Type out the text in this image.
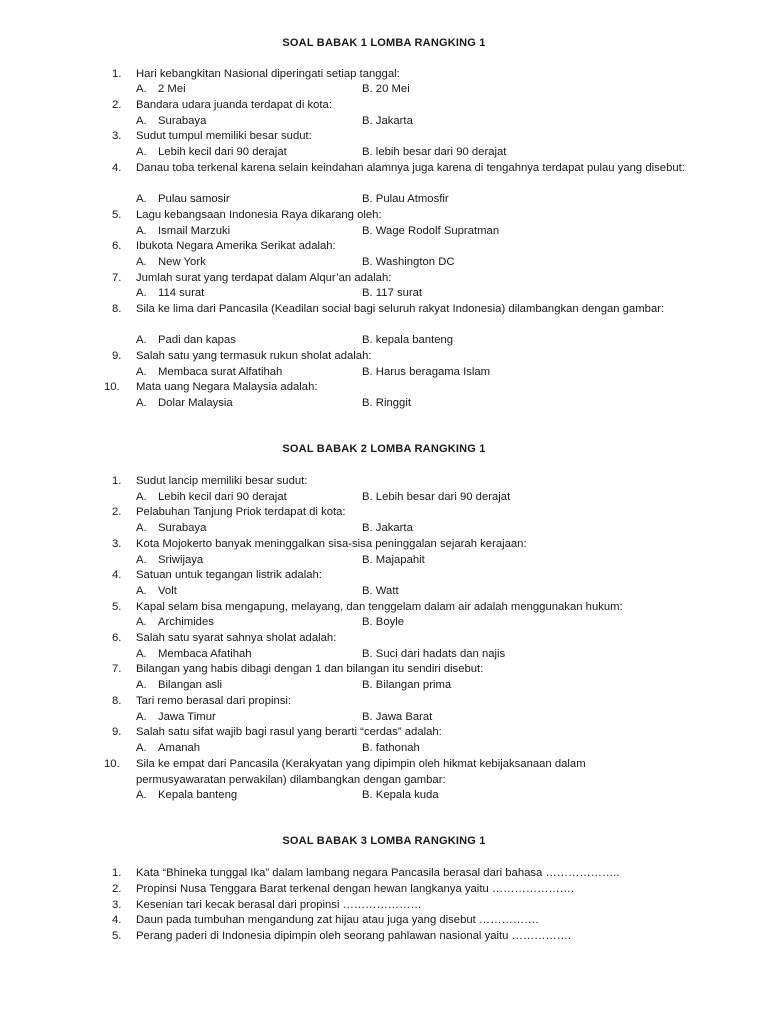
SOAL BABAK 1 LOMBA RANGKING 1
1.	Hari kebangkitan Nasional diperingati setiap tanggal:
A. 2 Mei	B. 20 Mei
2.	Bandara udara juanda terdapat di kota:
A. Surabaya	B. Jakarta
3.	Sudut tumpul memiliki besar sudut:
A. Lebih kecil dari 90 derajat	B. lebih besar dari 90 derajat
4.	Danau toba terkenal karena selain keindahan alamnya juga karena di tengahnya terdapat pulau yang disebut:
A. Pulau samosir	B. Pulau Atmosfir
5.	Lagu kebangsaan Indonesia Raya dikarang oleh:
A. Ismail Marzuki	B. Wage Rodolf Supratman
6.	Ibukota Negara Amerika Serikat adalah:
A. New York	B. Washington DC
7.	Jumlah surat yang terdapat dalam Alqur’an adalah:
A. 114 surat	B. 117 surat
8.	Sila ke lima dari Pancasila (Keadilan social bagi seluruh rakyat Indonesia) dilambangkan dengan gambar:
A. Padi dan kapas	B. kepala banteng
9.	Salah satu yang termasuk rukun sholat adalah:
A. Membaca surat Alfatihah	B. Harus beragama Islam
10.	Mata uang Negara Malaysia adalah:
A. Dolar Malaysia	B. Ringgit
SOAL BABAK 2 LOMBA RANGKING 1
1.	Sudut lancip memiliki besar sudut:
A. Lebih kecil dari 90 derajat	B. Lebih besar dari 90 derajat
2.	Pelabuhan Tanjung Priok terdapat di kota:
A. Surabaya	B. Jakarta
3.	Kota Mojokerto banyak meninggalkan sisa-sisa peninggalan sejarah kerajaan:
A. Sriwijaya	B. Majapahit
4.	Satuan untuk tegangan listrik adalah:
A. Volt	B. Watt
5.	Kapal selam bisa mengapung, melayang, dan tenggelam dalam air adalah menggunakan hukum:
A. Archimides	B. Boyle
6.	Salah satu syarat sahnya sholat adalah:
A. Membaca Afatihah	B. Suci dari hadats dan najis
7.	Bilangan yang habis dibagi dengan 1 dan bilangan itu sendiri disebut:
A. Bilangan asli	B. Bilangan prima
8.	Tari remo berasal dari propinsi:
A. Jawa Timur	B. Jawa Barat
9.	Salah satu sifat wajib bagi rasul yang berarti “cerdas” adalah:
A. Amanah	B. fathonah
10.	Sila ke empat dari Pancasila (Kerakyatan yang dipimpin oleh hikmat kebijaksanaan dalam permusyawaratan perwakilan) dilambangkan dengan gambar:
A. Kepala banteng	B. Kepala kuda
SOAL BABAK 3 LOMBA RANGKING 1
1. Kata “Bhineka tunggal Ika” dalam lambang negara Pancasila berasal dari bahasa ………………..
2. Propinsi Nusa Tenggara Barat terkenal dengan hewan langkanya yaitu ………………….
3. Kesenian tari kecak berasal dari propinsi …………………
4. Daun pada tumbuhan mengandung zat hijau atau juga yang disebut …………….
5. Perang paderi di Indonesia dipimpin oleh seorang pahlawan nasional yaitu …………….
